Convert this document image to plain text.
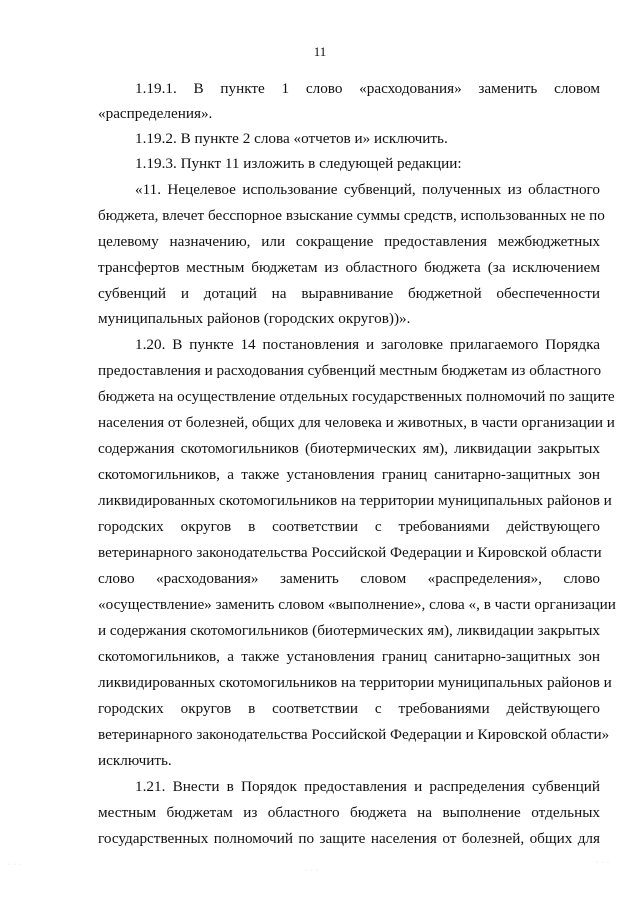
11
1.19.1. В пункте 1 слово «расходования» заменить словом
«распределения».
1.19.2. В пункте 2 слова «отчетов и» исключить.
1.19.3. Пункт 11 изложить в следующей редакции:
«11. Нецелевое использование субвенций, полученных из областного
бюджета, влечет бесспорное взыскание суммы средств, использованных не по
целевому назначению, или сокращение предоставления межбюджетных
трансфертов местным бюджетам из областного бюджета (за исключением
субвенций и дотаций на выравнивание бюджетной обеспеченности
муниципальных районов (городских округов))».
1.20. В пункте 14 постановления и заголовке прилагаемого Порядка
предоставления и расходования субвенций местным бюджетам из областного
бюджета на осуществление отдельных государственных полномочий по защите
населения от болезней, общих для человека и животных, в части организации и
содержания скотомогильников (биотермических ям), ликвидации закрытых
скотомогильников, а также установления границ санитарно-защитных зон
ликвидированных скотомогильников на территории муниципальных районов и
городских округов в соответствии с требованиями действующего
ветеринарного законодательства Российской Федерации и Кировской области
слово «расходования» заменить словом «распределения», слово
«осуществление» заменить словом «выполнение», слова «, в части организации
и содержания скотомогильников (биотермических ям), ликвидации закрытых
скотомогильников, а также установления границ санитарно-защитных зон
ликвидированных скотомогильников на территории муниципальных районов и
городских округов в соответствии с требованиями действующего
ветеринарного законодательства Российской Федерации и Кировской области»
исключить.
1.21. Внести в Порядок предоставления и распределения субвенций
местным бюджетам из областного бюджета на выполнение отдельных
государственных полномочий по защите населения от болезней, общих для
· · ·
· · ·
· · ·
